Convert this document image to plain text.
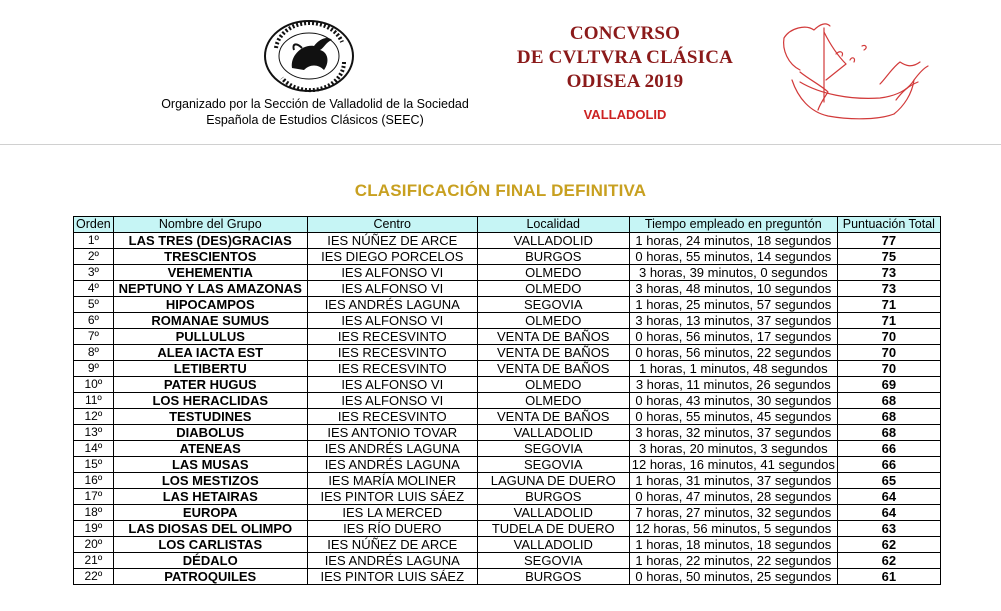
Organizado por la Sección de Valladolid de la Sociedad
Española de Estudios Clásicos (SEEC)
CONCVRSO
DE CVLTVRA CLÁSICA
ODISEA 2019
VALLADOLID
CLASIFICACIÓN FINAL DEFINITIVA
Orden	Nombre del Grupo	Centro	Localidad	Tiempo empleado en preguntón	Puntuación Total
1º	LAS TRES (DES)GRACIAS	IES NÚÑEZ DE ARCE	VALLADOLID	1 horas, 24 minutos, 18 segundos	77
2º	TRESCIENTOS	IES DIEGO PORCELOS	BURGOS	0 horas, 55 minutos, 14 segundos	75
3º	VEHEMENTIA	IES ALFONSO VI	OLMEDO	3 horas, 39 minutos, 0 segundos	73
4º	NEPTUNO Y LAS AMAZONAS	IES ALFONSO VI	OLMEDO	3 horas, 48 minutos, 10 segundos	73
5º	HIPOCAMPOS	IES ANDRÉS LAGUNA	SEGOVIA	1 horas, 25 minutos, 57 segundos	71
6º	ROMANAE SUMUS	IES ALFONSO VI	OLMEDO	3 horas, 13 minutos, 37 segundos	71
7º	PULLULUS	IES RECESVINTO	VENTA DE BAÑOS	0 horas, 56 minutos, 17 segundos	70
8º	ALEA IACTA EST	IES RECESVINTO	VENTA DE BAÑOS	0 horas, 56 minutos, 22 segundos	70
9º	LETIBERTU	IES RECESVINTO	VENTA DE BAÑOS	1 horas, 1 minutos, 48 segundos	70
10º	PATER HUGUS	IES ALFONSO VI	OLMEDO	3 horas, 11 minutos, 26 segundos	69
11º	LOS HERACLIDAS	IES ALFONSO VI	OLMEDO	0 horas, 43 minutos, 30 segundos	68
12º	TESTUDINES	IES RECESVINTO	VENTA DE BAÑOS	0 horas, 55 minutos, 45 segundos	68
13º	DIABOLUS	IES ANTONIO TOVAR	VALLADOLID	3 horas, 32 minutos, 37 segundos	68
14º	ATENEAS	IES ANDRÉS LAGUNA	SEGOVIA	3 horas, 20 minutos, 3 segundos	66
15º	LAS MUSAS	IES ANDRÉS LAGUNA	SEGOVIA	12 horas, 16 minutos, 41 segundos	66
16º	LOS MESTIZOS	IES MARÍA MOLINER	LAGUNA DE DUERO	1 horas, 31 minutos, 37 segundos	65
17º	LAS HETAIRAS	IES PINTOR LUIS SÁEZ	BURGOS	0 horas, 47 minutos, 28 segundos	64
18º	EUROPA	IES LA MERCED	VALLADOLID	7 horas, 27 minutos, 32 segundos	64
19º	LAS DIOSAS DEL OLIMPO	IES RÍO DUERO	TUDELA DE DUERO	12 horas, 56 minutos, 5 segundos	63
20º	LOS CARLISTAS	IES NÚÑEZ DE ARCE	VALLADOLID	1 horas, 18 minutos, 18 segundos	62
21º	DÉDALO	IES ANDRÉS LAGUNA	SEGOVIA	1 horas, 22 minutos, 22 segundos	62
22º	PATROQUILES	IES PINTOR LUIS SÁEZ	BURGOS	0 horas, 50 minutos, 25 segundos	61
